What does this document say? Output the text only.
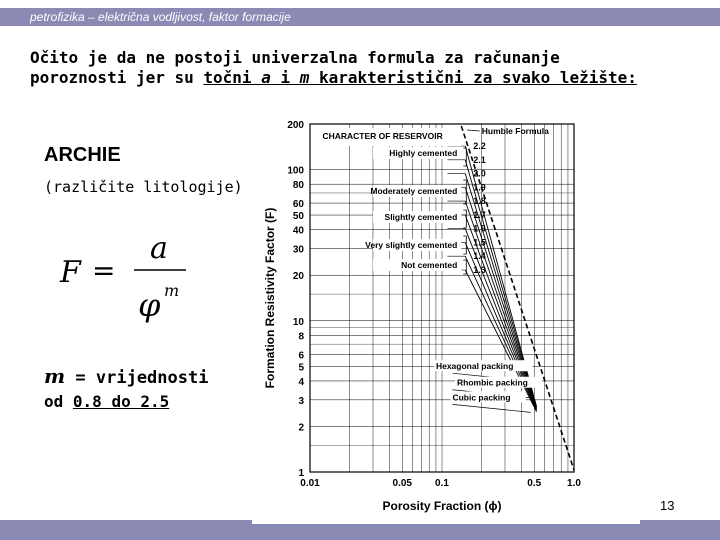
petrofizika – električna vodljivost, faktor formacije
Očito je da ne postoji univerzalna formula za računanje
poroznosti jer su točni a i m karakteristični za svako ležište:
ARCHIE
(različite litologije)
F =
a
φ m
m = vrijednosti
od 0.8 do 2.5
200
100
80
60
50
40
30
20
10
8
6
5
4
3
2
1
0.01	0.05 0.1	0.5	1.0
Porosity Fraction (ϕ)
Formation Resistivity Factor (F)
2.2
2.1
2.0
1.9
1.8
1.7
1.6
1.5
1.4
1.3
CHARACTER OF RESERVOIR
Highly cemented
Moderately cemented
Slightly cemented
Very slightly cemented
Not cemented
Humble Formula
Hexagonal packing
Rhombic packing
Cubic packing
13
